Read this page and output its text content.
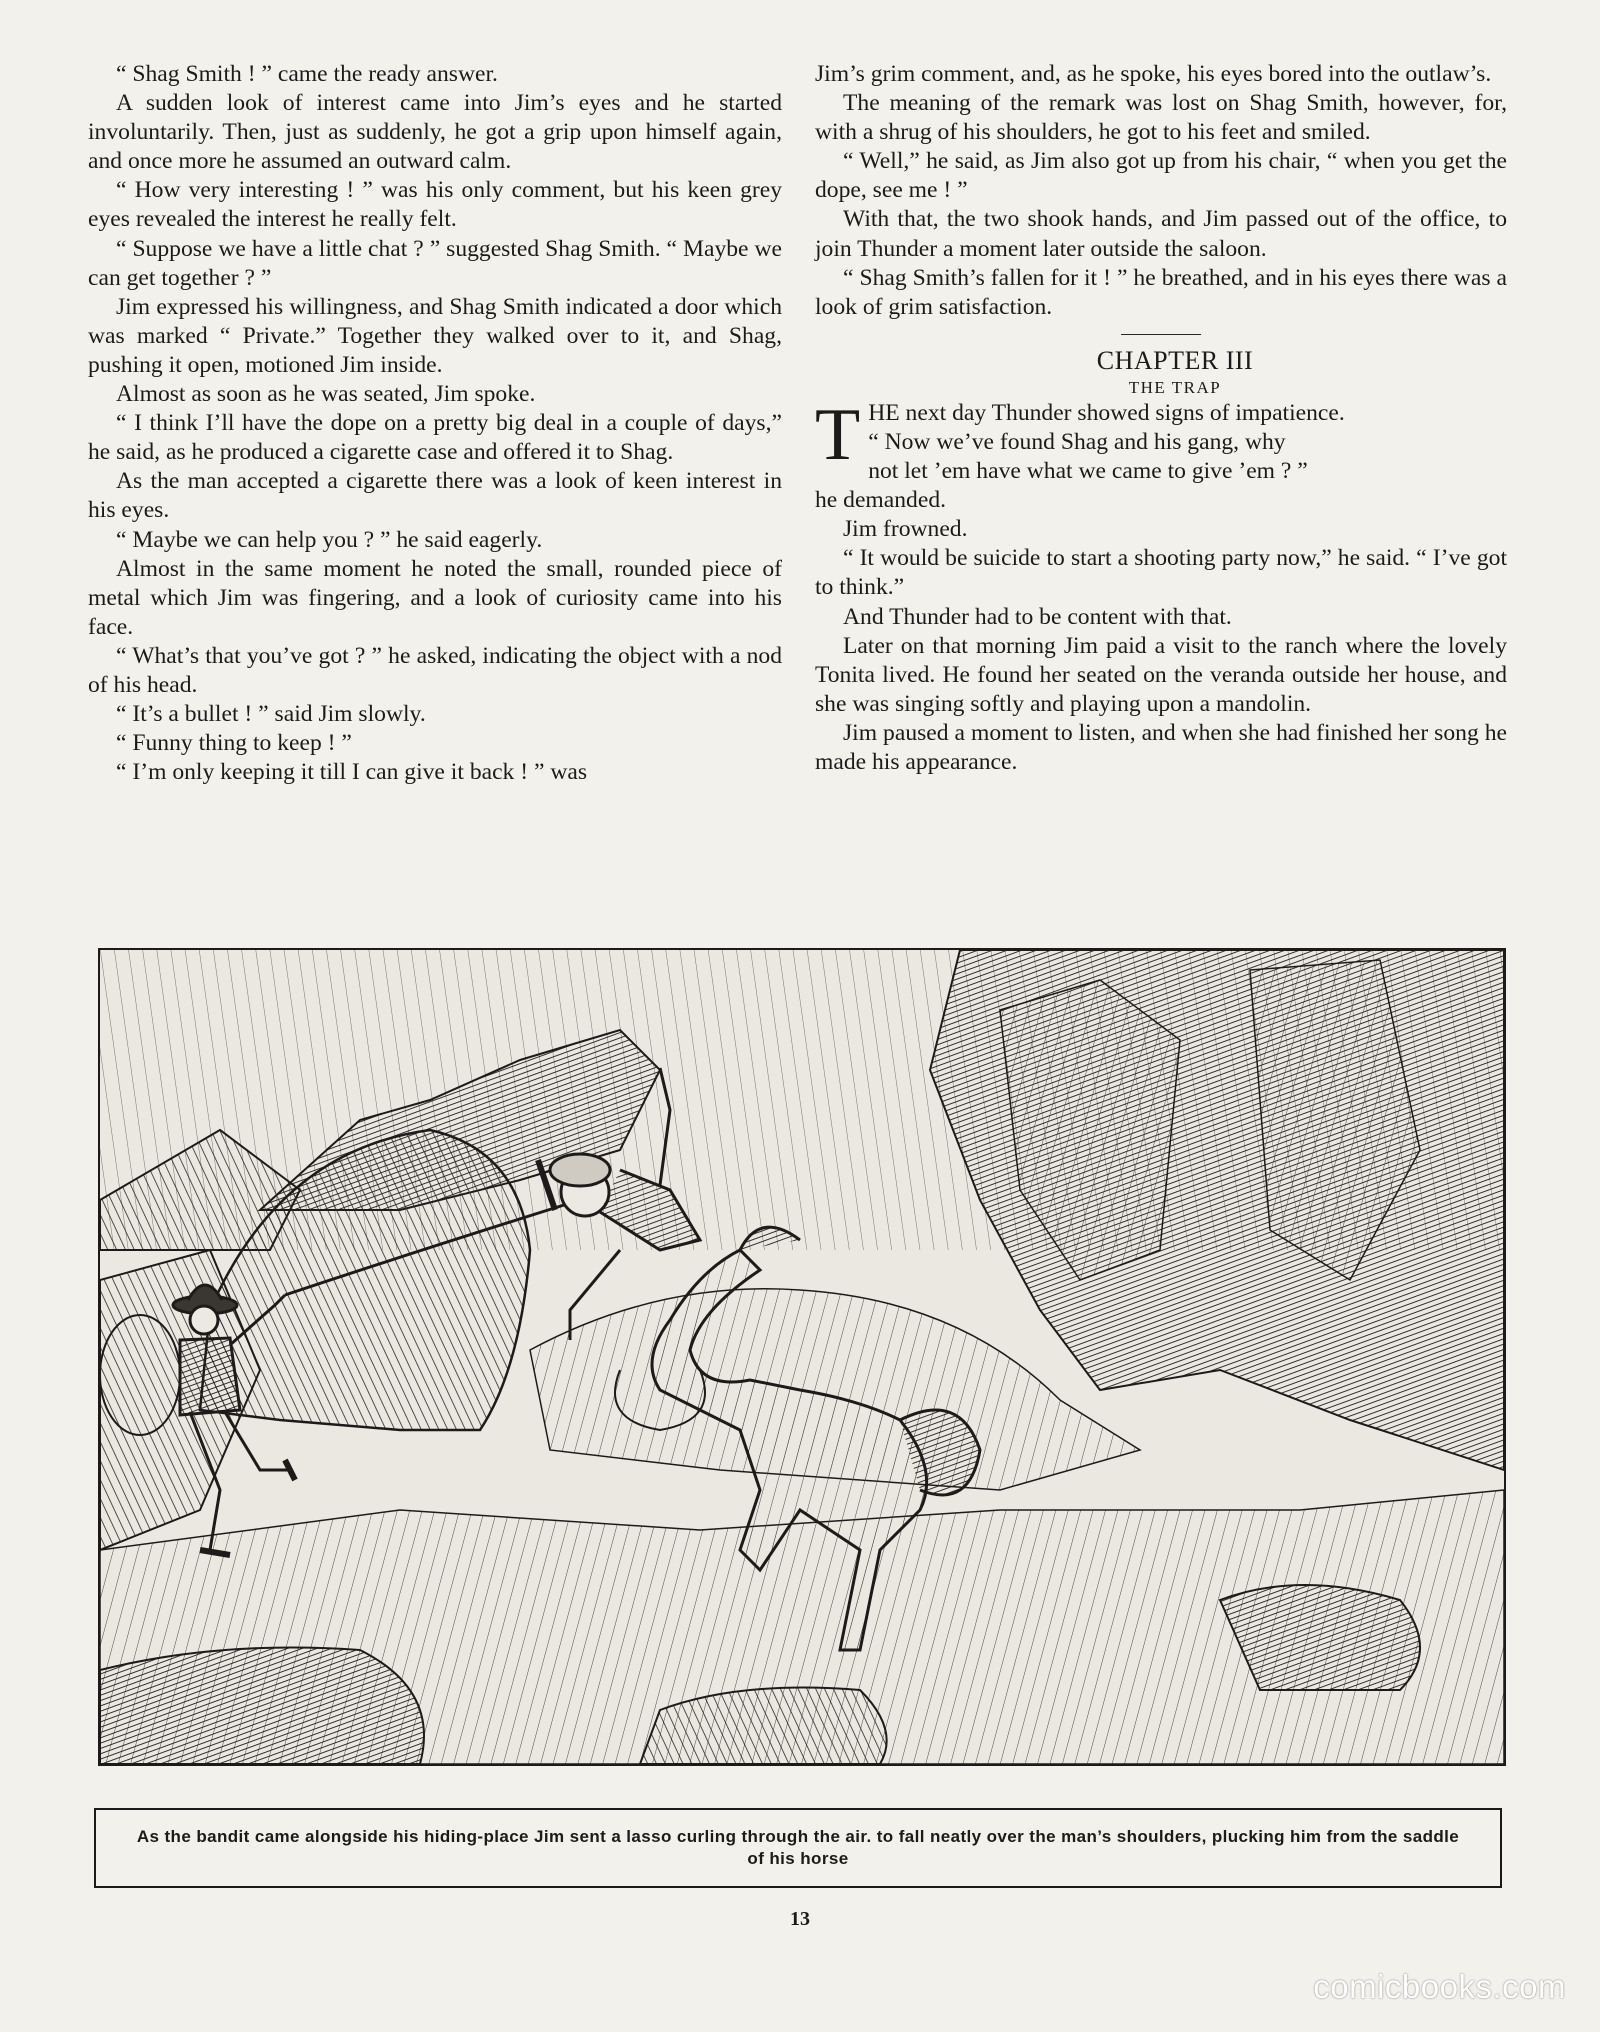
“ Shag Smith ! ” came the ready answer.

A sudden look of interest came into Jim’s eyes and he started involuntarily. Then, just as suddenly, he got a grip upon himself again, and once more he assumed an outward calm.

“ How very interesting ! ” was his only comment, but his keen grey eyes revealed the interest he really felt.

“ Suppose we have a little chat ? ” suggested Shag Smith. “ Maybe we can get together ? ”

Jim expressed his willingness, and Shag Smith indicated a door which was marked “ Private.” Together they walked over to it, and Shag, pushing it open, motioned Jim inside.

Almost as soon as he was seated, Jim spoke.

“ I think I’ll have the dope on a pretty big deal in a couple of days,” he said, as he produced a cigarette case and offered it to Shag.

As the man accepted a cigarette there was a look of keen interest in his eyes.

“ Maybe we can help you ? ” he said eagerly.

Almost in the same moment he noted the small, rounded piece of metal which Jim was fingering, and a look of curiosity came into his face.

“ What’s that you’ve got ? ” he asked, indicating the object with a nod of his head.

“ It’s a bullet ! ” said Jim slowly.

“ Funny thing to keep ! ”

“ I’m only keeping it till I can give it back ! ” was

Jim’s grim comment, and, as he spoke, his eyes bored into the outlaw’s.

The meaning of the remark was lost on Shag Smith, however, for, with a shrug of his shoulders, he got to his feet and smiled.

“ Well,” he said, as Jim also got up from his chair, “ when you get the dope, see me ! ”

With that, the two shook hands, and Jim passed out of the office, to join Thunder a moment later outside the saloon.

“ Shag Smith’s fallen for it ! ” he breathed, and in his eyes there was a look of grim satisfaction.

CHAPTER III

THE TRAP

T HE next day Thunder showed signs of impatience.
“ Now we’ve found Shag and his gang, why
not let ’em have what we came to give ’em ? ”
he demanded.

Jim frowned.

“ It would be suicide to start a shooting party now,” he said. “ I’ve got to think.”

And Thunder had to be content with that.

Later on that morning Jim paid a visit to the ranch where the lovely Tonita lived. He found her seated on the veranda outside her house, and she was singing softly and playing upon a mandolin.

Jim paused a moment to listen, and when she had finished her song he made his appearance.

As the bandit came alongside his hiding-place Jim sent a lasso curling through the air. to fall neatly over the man’s shoulders, plucking him from the saddle of his horse
13
comicbooks.com
